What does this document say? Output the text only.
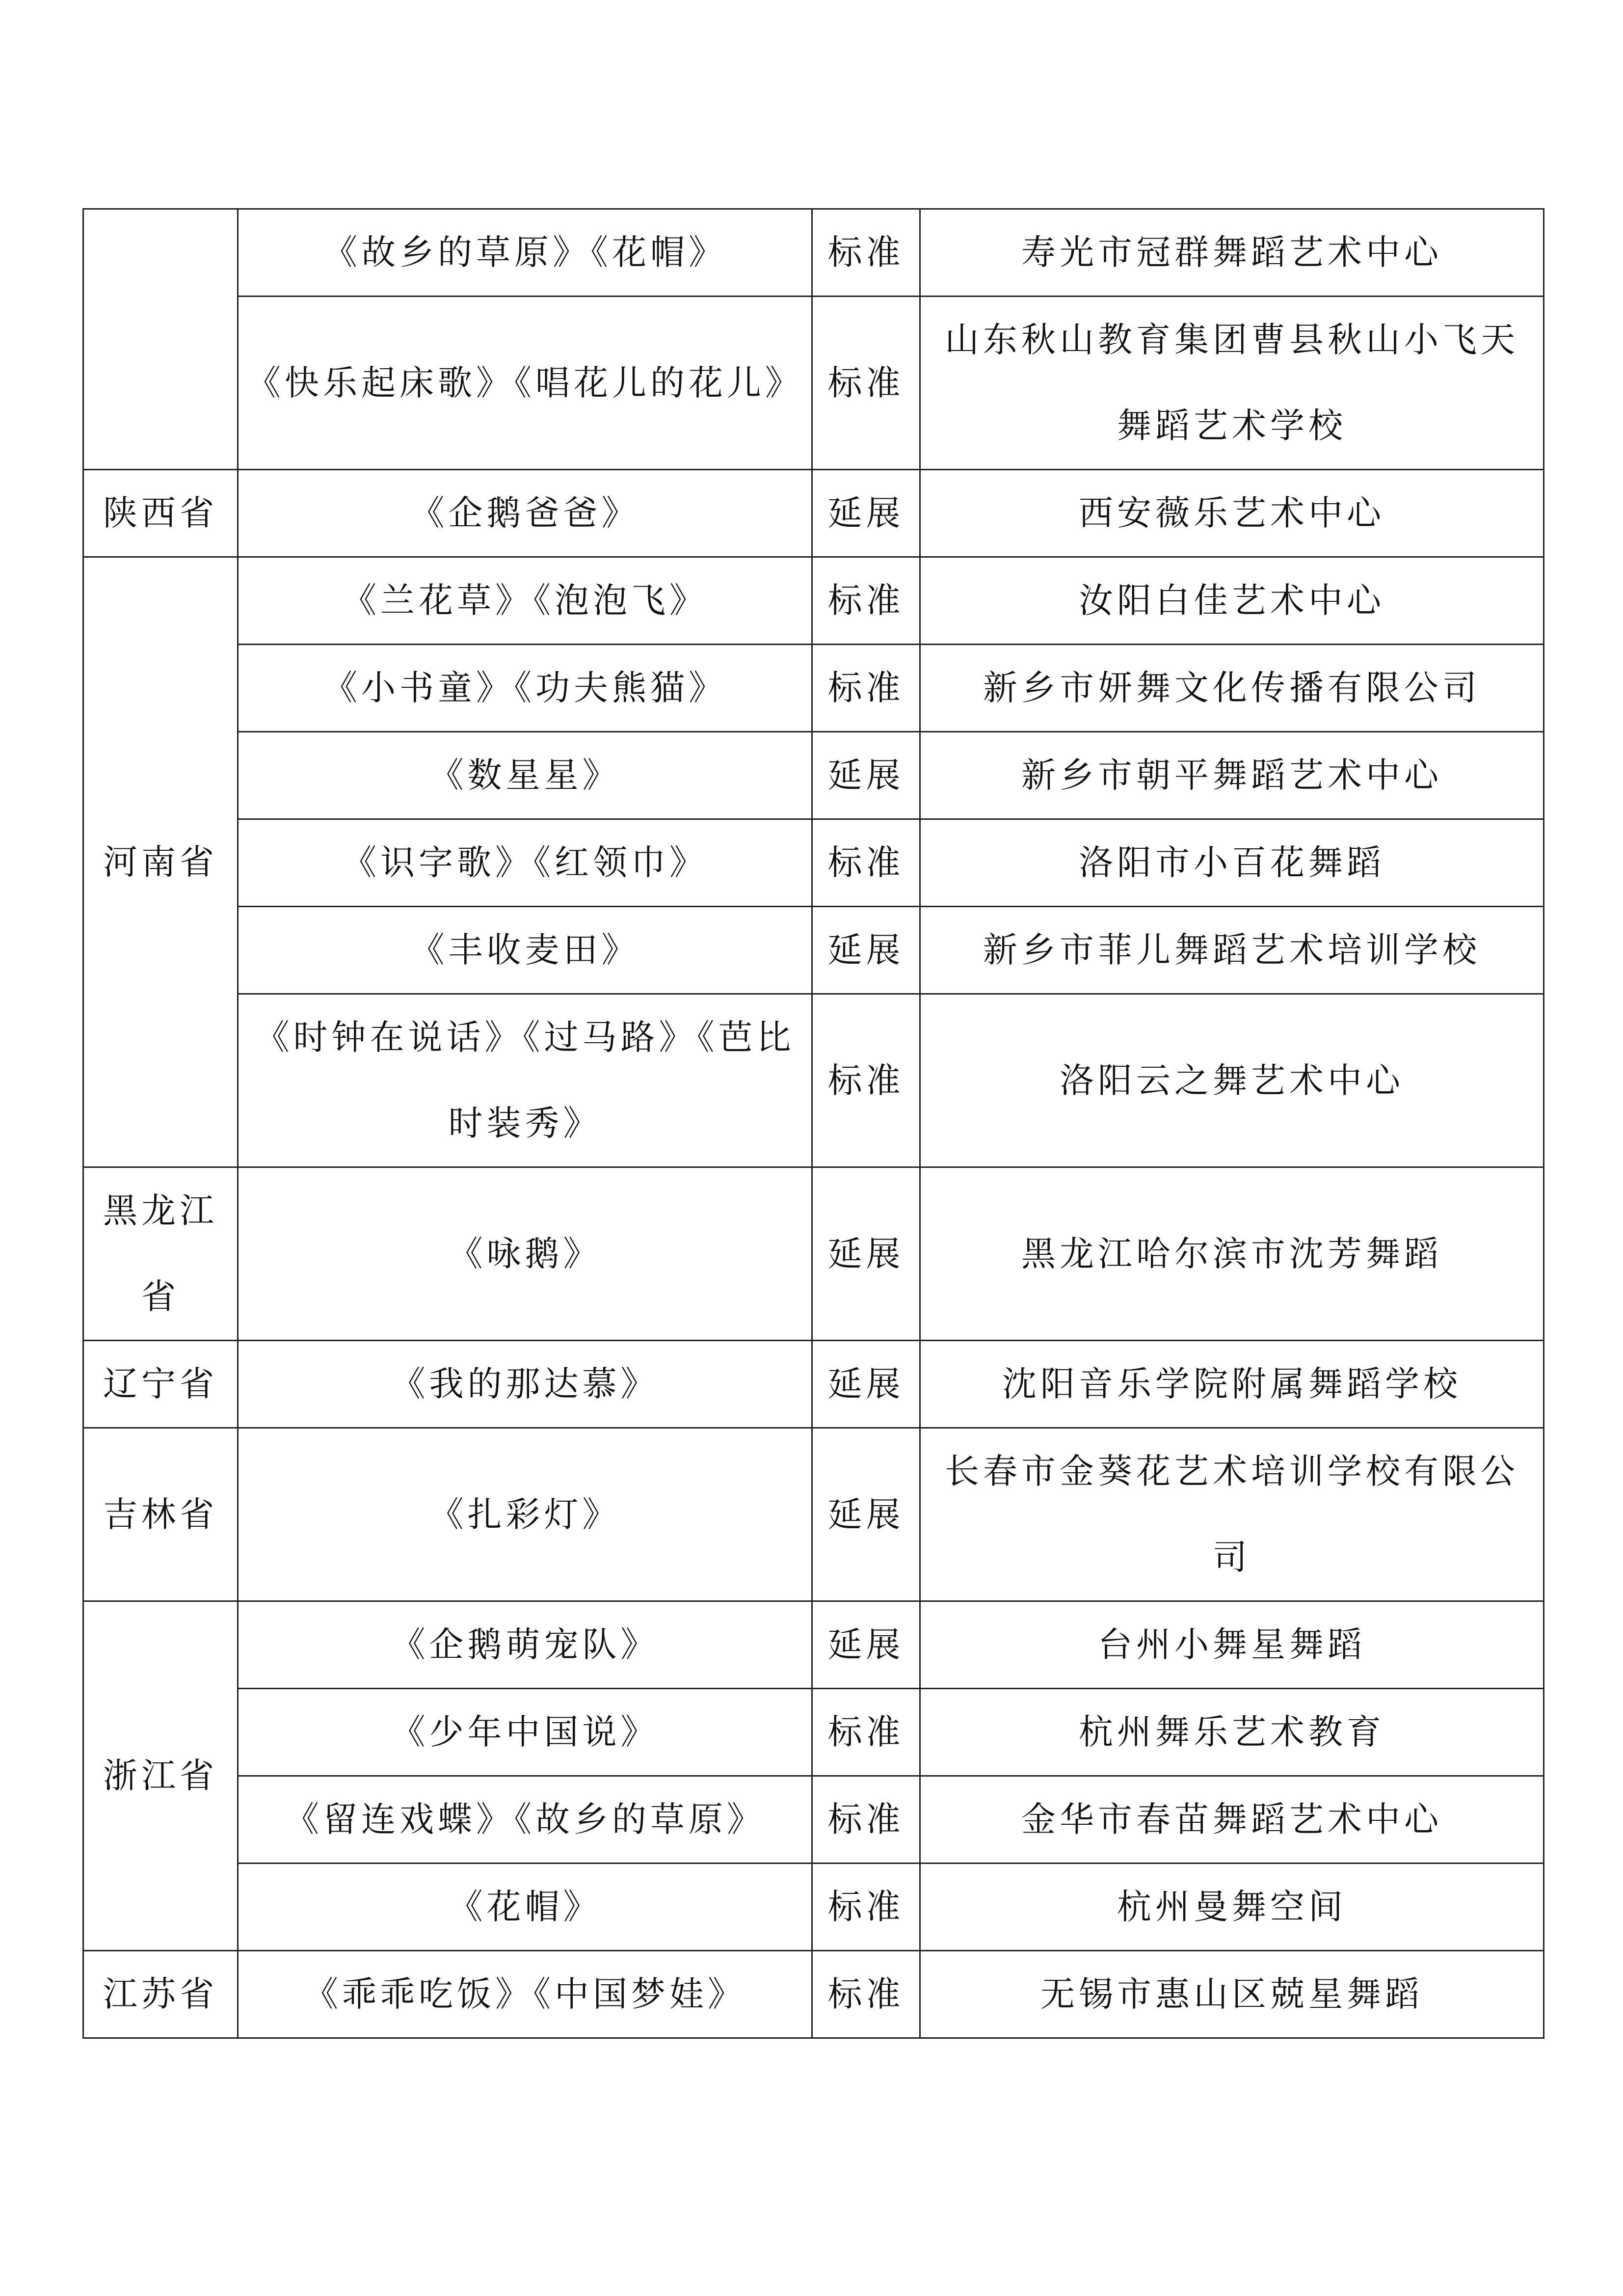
	《故乡的草原》《花帽》	标准	寿光市冠群舞蹈艺术中心
	《快乐起床歌》《唱花儿的花儿》	标准	山东秋山教育集团曹县秋山小飞天舞蹈艺术学校
陕西省	《企鹅爸爸》	延展	西安薇乐艺术中心
河南省	《兰花草》《泡泡飞》	标准	汝阳白佳艺术中心
	《小书童》《功夫熊猫》	标准	新乡市妍舞文化传播有限公司
	《数星星》	延展	新乡市朝平舞蹈艺术中心
	《识字歌》《红领巾》	标准	洛阳市小百花舞蹈
	《丰收麦田》	延展	新乡市菲儿舞蹈艺术培训学校
	《时钟在说话》《过马路》《芭比时装秀》	标准	洛阳云之舞艺术中心
黑龙江省	《咏鹅》	延展	黑龙江哈尔滨市沈芳舞蹈
辽宁省	《我的那达慕》	延展	沈阳音乐学院附属舞蹈学校
吉林省	《扎彩灯》	延展	长春市金葵花艺术培训学校有限公司
浙江省	《企鹅萌宠队》	延展	台州小舞星舞蹈
	《少年中国说》	标准	杭州舞乐艺术教育
	《留连戏蝶》《故乡的草原》	标准	金华市春苗舞蹈艺术中心
	《花帽》	标准	杭州曼舞空间
江苏省	《乖乖吃饭》《中国梦娃》	标准	无锡市惠山区兢星舞蹈
